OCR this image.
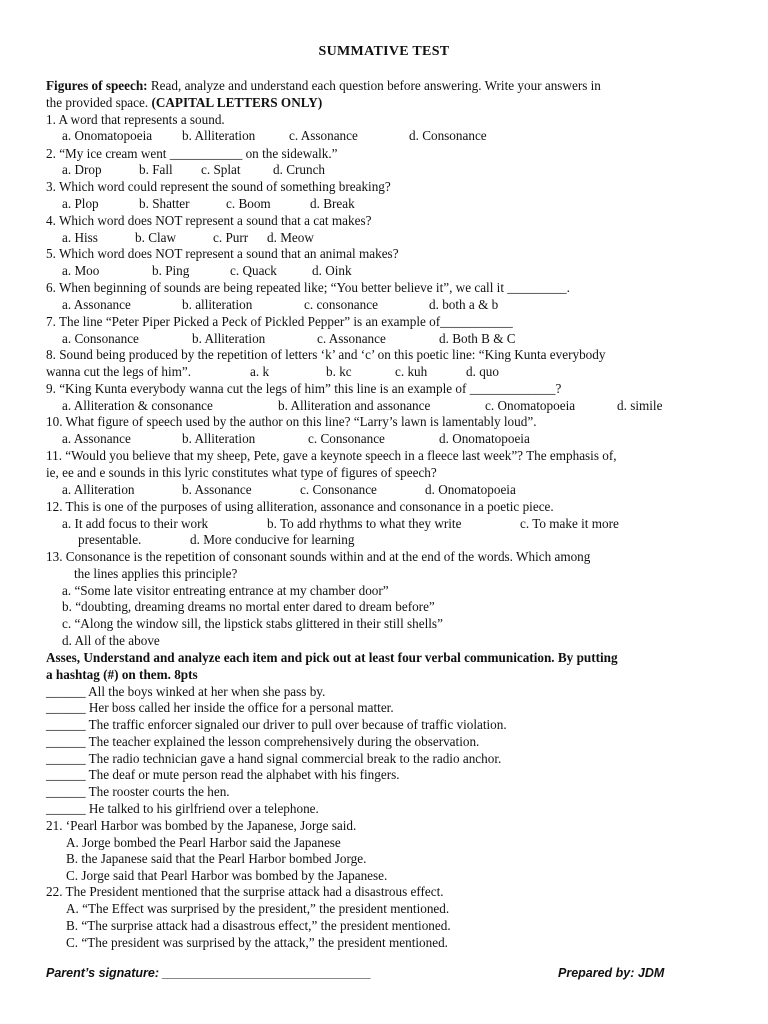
SUMMATIVE TEST
Figures of speech: Read, analyze and understand each question before answering. Write your answers in
the provided space. (CAPITAL LETTERS ONLY)
1. A word that represents a sound.
a. Onomatopoeia b. Alliteration	c. Assonance	d. Consonance
2. “My ice cream went ___________ on the sidewalk.”
a. Drop	b. Fall c. Splat d. Crunch
3. Which word could represent the sound of something breaking?
a. Plop	b. Shatter	c. Boom	d. Break
4. Which word does NOT represent a sound that a cat makes?
a. Hiss	b. Claw	c. Purr d. Meow
5. Which word does NOT represent a sound that an animal makes?
a. Moo	b. Ping	c. Quack	d. Oink
6. When beginning of sounds are being repeated like; “You better believe it”, we call it _________.
a. Assonance	b. alliteration	c. consonance	d. both a & b
7. The line “Peter Piper Picked a Peck of Pickled Pepper” is an example of___________
a. Consonance	b. Alliteration	c. Assonance	d. Both B & C
8. Sound being produced by the repetition of letters ‘k’ and ‘c’ on this poetic line: “King Kunta everybody
wanna cut the legs of him”.	a. k	b. kc	c. kuh	d. quo
9. “King Kunta everybody wanna cut the legs of him” this line is an example of _____________?
a. Alliteration & consonance	b. Alliteration and assonance	c. Onomatopoeia	d. simile
10. What figure of speech used by the author on this line? “Larry’s lawn is lamentably loud”.
a. Assonance	b. Alliteration	c. Consonance	d. Onomatopoeia
11. “Would you believe that my sheep, Pete, gave a keynote speech in a fleece last week”? The emphasis of,
ie, ee and e sounds in this lyric constitutes what type of figures of speech?
a. Alliteration	b. Assonance	c. Consonance	d. Onomatopoeia
12. This is one of the purposes of using alliteration, assonance and consonance in a poetic piece.
a. It add focus to their work	b. To add rhythms to what they write	c. To make it more
presentable.	d. More conducive for learning
13. Consonance is the repetition of consonant sounds within and at the end of the words. Which among
the lines applies this principle?
a. “Some late visitor entreating entrance at my chamber door”
b. “doubting, dreaming dreams no mortal enter dared to dream before”
c. “Along the window sill, the lipstick stabs glittered in their still shells”
d. All of the above
Asses, Understand and analyze each item and pick out at least four verbal communication. By putting
a hashtag (#) on them. 8pts
______ All the boys winked at her when she pass by.
______ Her boss called her inside the office for a personal matter.
______ The traffic enforcer signaled our driver to pull over because of traffic violation.
______ The teacher explained the lesson comprehensively during the observation.
______ The radio technician gave a hand signal commercial break to the radio anchor.
______ The deaf or mute person read the alphabet with his fingers.
______ The rooster courts the hen.
______ He talked to his girlfriend over a telephone.
21. ‘Pearl Harbor was bombed by the Japanese, Jorge said.
A. Jorge bombed the Pearl Harbor said the Japanese
B. the Japanese said that the Pearl Harbor bombed Jorge.
C. Jorge said that Pearl Harbor was bombed by the Japanese.
22. The President mentioned that the surprise attack had a disastrous effect.
A. “The Effect was surprised by the president,” the president mentioned.
B. “The surprise attack had a disastrous effect,” the president mentioned.
C. “The president was surprised by the attack,” the president mentioned.
Parent’s signature: ______________________________	Prepared by: JDM
